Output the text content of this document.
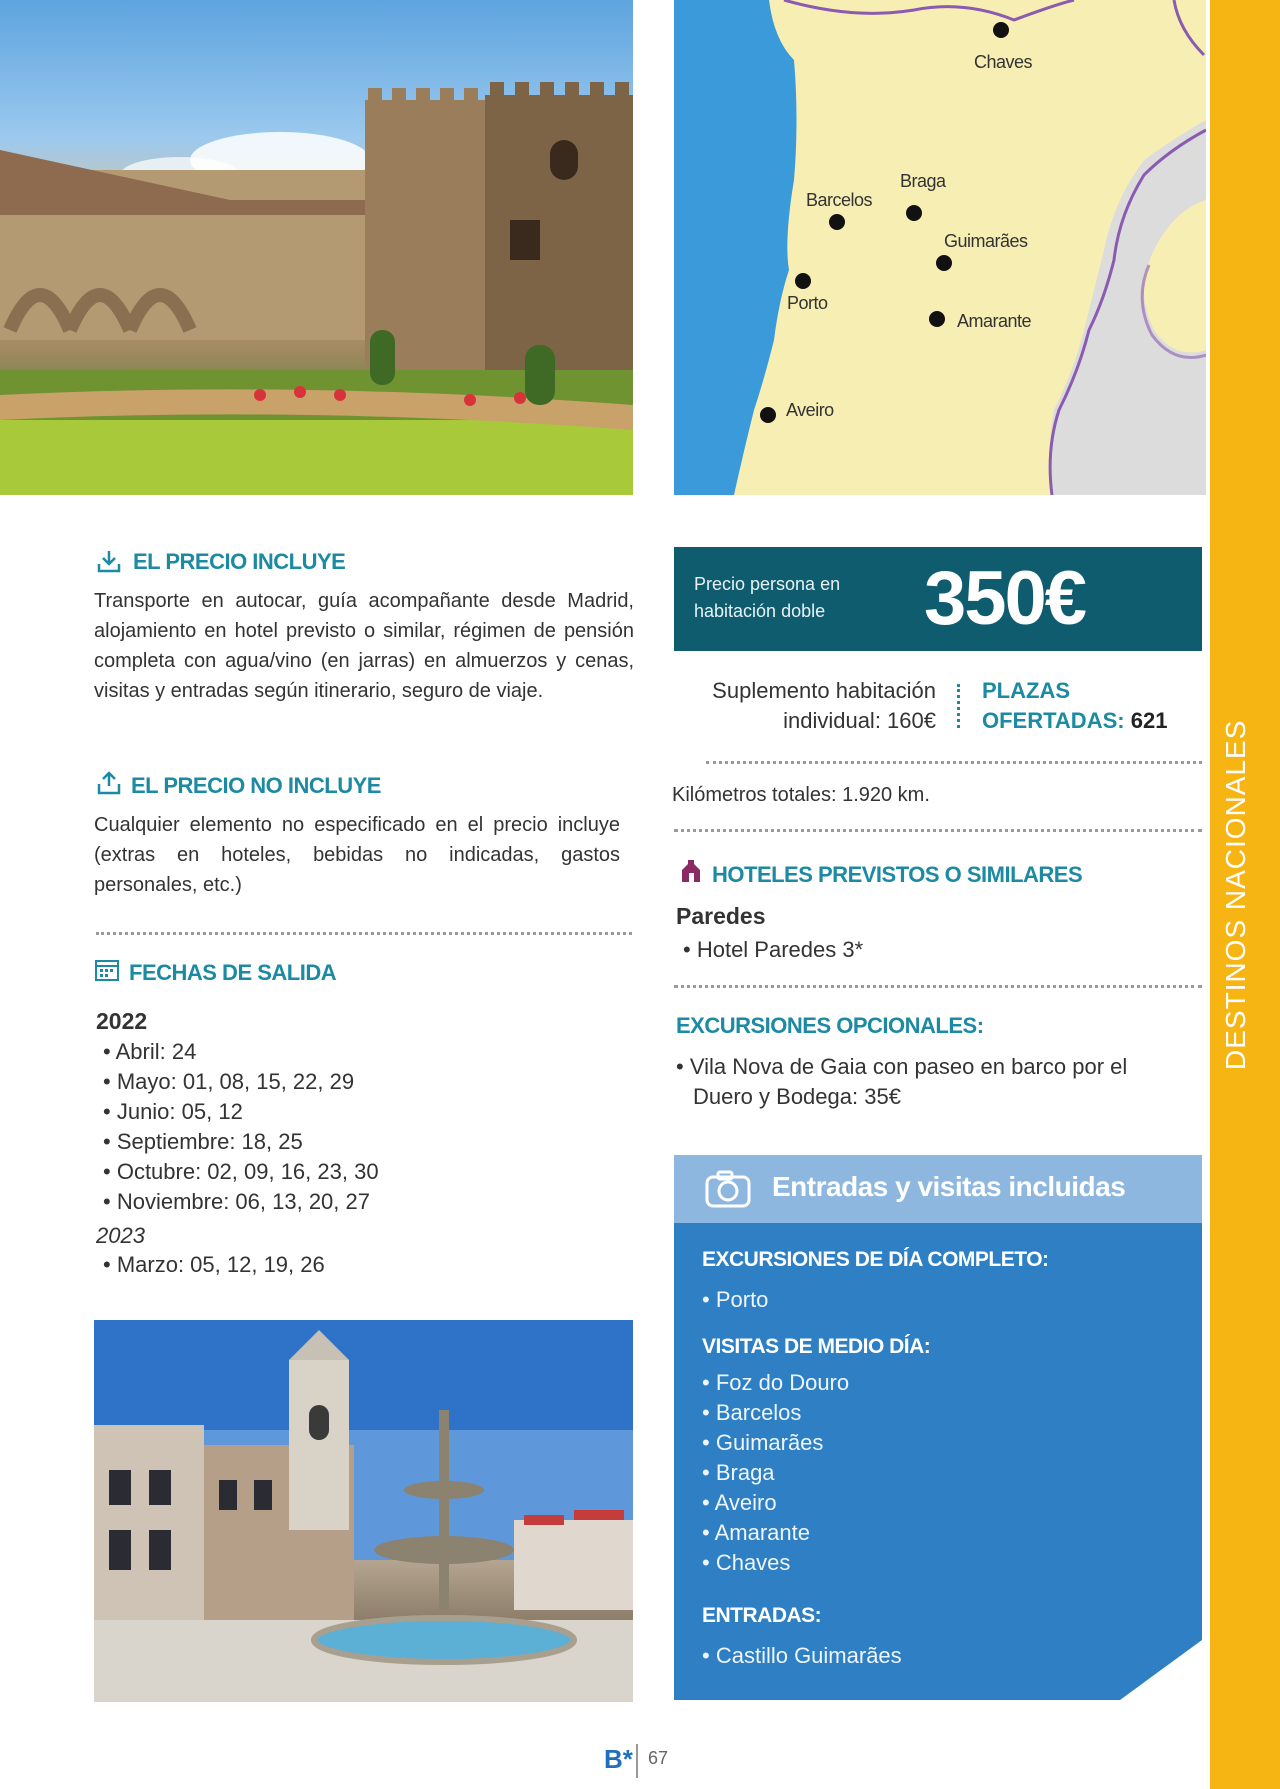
Chaves
Braga
Barcelos
Guimarães
Porto
Amarante
Aveiro
DESTINOS NACIONALES
EL PRECIO INCLUYE
Transporte en autocar, guía acompañante desde Madrid, alojamiento en hotel previsto o similar, régimen de pensión completa con agua/vino (en jarras) en almuerzos y cenas, visitas y entradas según itinerario, seguro de viaje.
EL PRECIO NO INCLUYE
Cualquier elemento no especificado en el precio incluye (extras en hoteles, bebidas no indicadas, gastos personales, etc.)
FECHAS DE SALIDA
2022
• Abril: 24
• Mayo: 01, 08, 15, 22, 29
• Junio: 05, 12
• Septiembre: 18, 25
• Octubre: 02, 09, 16, 23, 30
• Noviembre: 06, 13, 20, 27
2023
• Marzo: 05, 12, 19, 26
Precio persona en
habitación doble 350€
Suplemento habitación
individual: 160€
PLAZAS
OFERTADAS: 621
Kilómetros totales: 1.920 km.
HOTELES PREVISTOS O SIMILARES
Paredes
• Hotel Paredes 3*
EXCURSIONES OPCIONALES:
• Vila Nova de Gaia con paseo en barco por el
Duero y Bodega: 35€
Entradas y visitas incluidas
EXCURSIONES DE DÍA COMPLETO:
• Porto
VISITAS DE MEDIO DÍA:
• Foz do Douro
• Barcelos
• Guimarães
• Braga
• Aveiro
• Amarante
• Chaves
ENTRADAS:
• Castillo Guimarães
B* 67
